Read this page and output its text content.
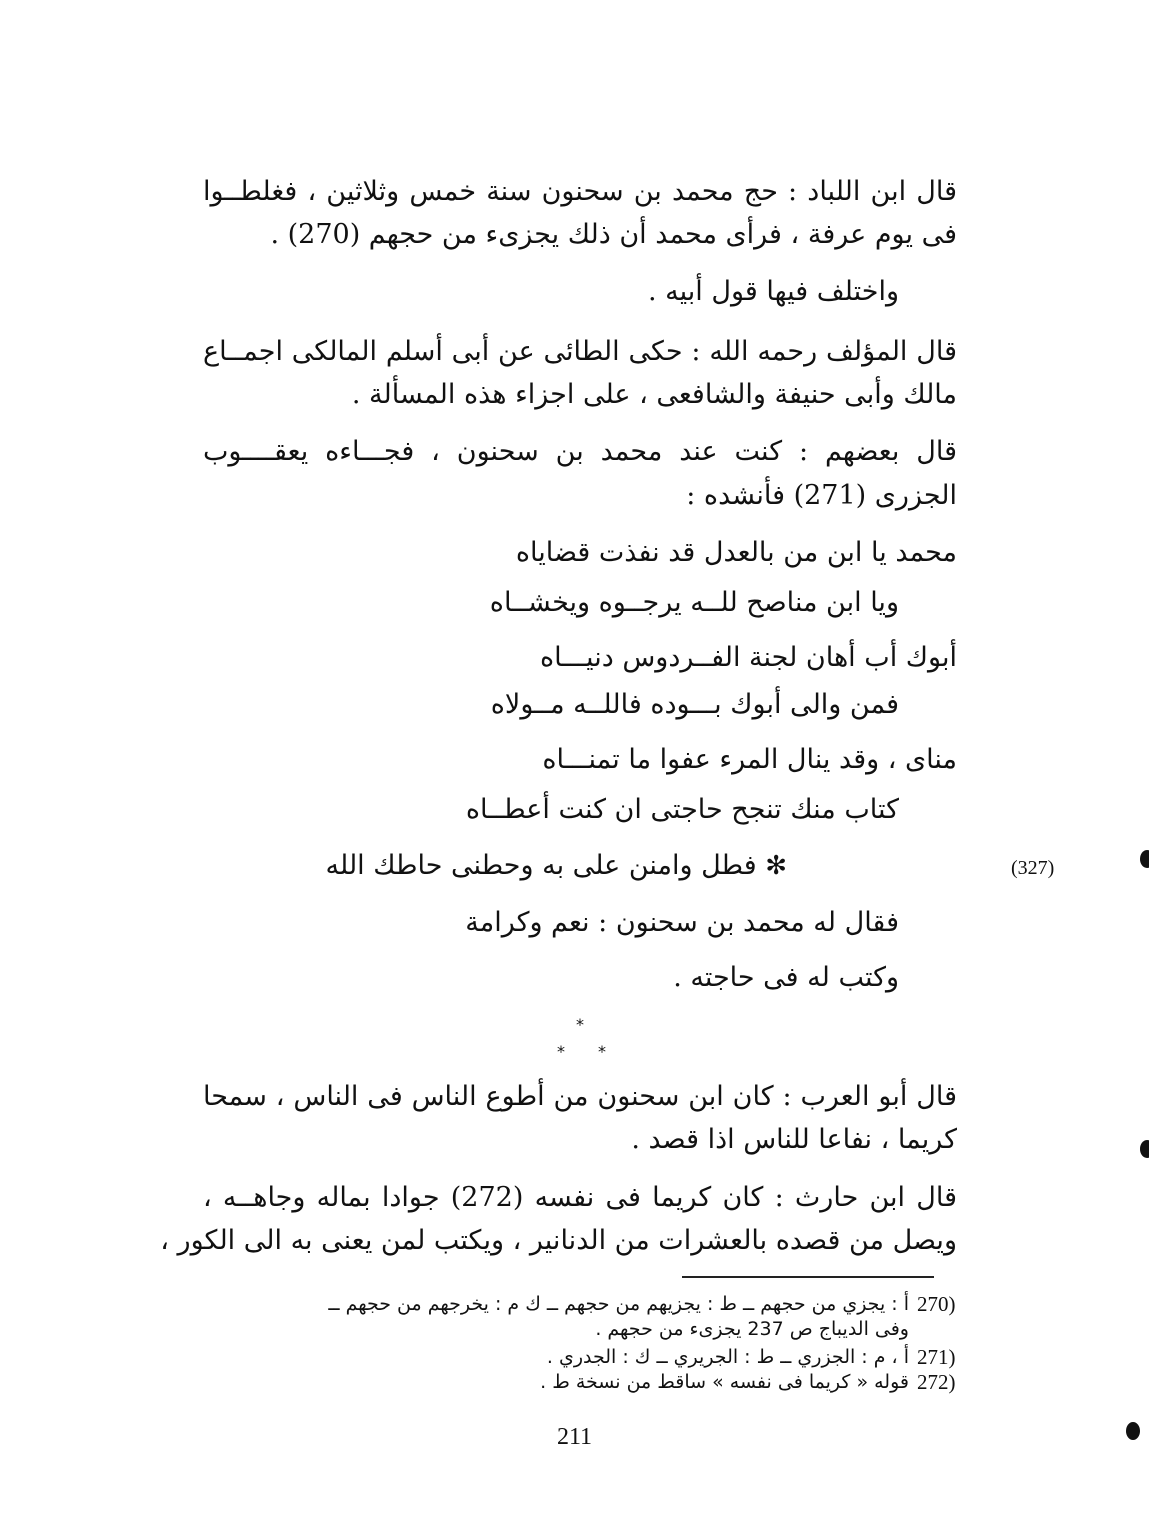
قال ابن اللباد : حج محمد بن سحنون سنة خمس وثلاثين ، فغلطــوا
فى يوم عرفة ، فرأى محمد أن ذلك يجزىء من حجهم (270) .
واختلف فيها قول أبيه .
قال المؤلف رحمه الله : حكى الطائى عن أبى أسلم المالكى اجمــاع
مالك وأبى حنيفة والشافعى ، على اجزاء هذه المسألة .
قال بعضهم : كنت عند محمد بن سحنون ، فجـــاءه يعقــــوب
الجزرى (271) فأنشده :
محمد يا ابن من بالعدل قد نفذت قضاياه
ويا ابن مناصح للــه يرجــوه ويخشــاه
أبوك أب أهان لجنة الفــردوس دنيـــاه
فمن والى أبوك بـــوده فاللــه مــولاه
مناى ، وقد ينال المرء عفوا ما تمنـــاه
كتاب منك تنجح حاجتى ان كنت أعطــاه
✻ فطل وامنن على به وحطنى حاطك الله	(327)
فقال له محمد بن سحنون : نعم وكرامة
وكتب له فى حاجته .
*
* *
قال أبو العرب : كان ابن سحنون من أطوع الناس فى الناس ، سمحا
كريما ، نفاعا للناس اذا قصد .
قال ابن حارث : كان كريما فى نفسه (272) جوادا بماله وجاهــه ،
ويصل من قصده بالعشرات من الدنانير ، ويكتب لمن يعنى به الى الكور ،
270)
أ : يجزي من حجهم ــ ط : يجزيهم من حجهم ــ ك م : يخرجهم من حجهم ــ
وفى الديباج ص 237 يجزىء من حجهم .
271)
أ ، م : الجزري ــ ط : الجريري ــ ك : الجدري .
272)
قوله « كريما فى نفسه » ساقط من نسخة ط .
211
